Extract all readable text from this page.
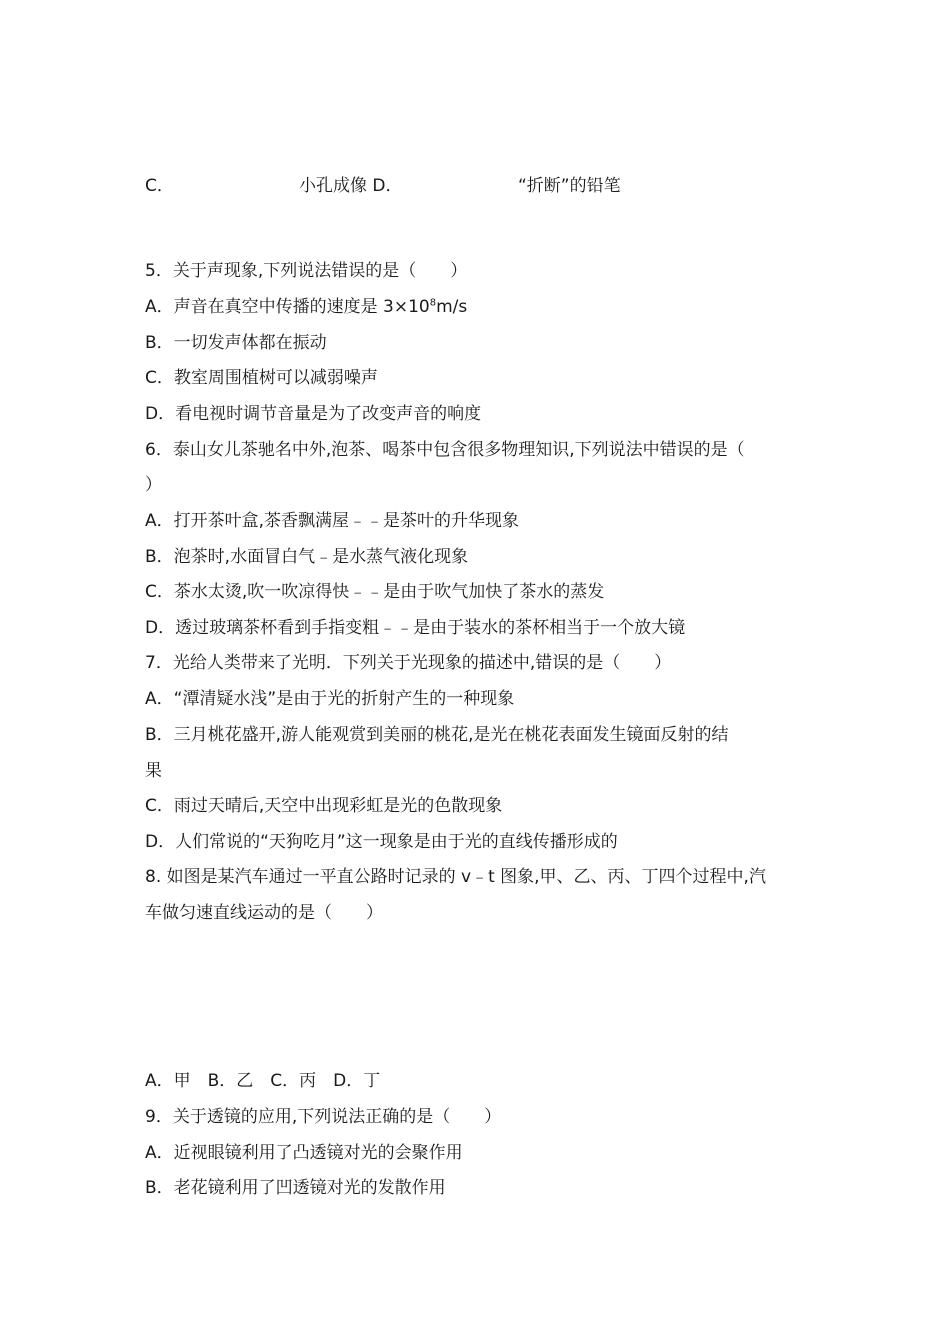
C．	小孔成像 D．	“折断”的铅笔
5．关于声现象,下列说法错误的是（　　）
A．声音在真空中传播的速度是 $3\times 10^8m/s$
B．一切发声体都在振动
C．教室周围植树可以减弱噪声
D．看电视时调节音量是为了改变声音的响度
6．泰山女儿茶驰名中外,泡茶、喝茶中包含很多物理知识,下列说法中错误的是（
）
A．打开茶叶盒,茶香飘满屋﹣﹣是茶叶的升华现象
B．泡茶时,水面冒白气﹣是水蒸气液化现象
C．茶水太烫,吹一吹凉得快﹣﹣是由于吹气加快了茶水的蒸发
D．透过玻璃茶杯看到手指变粗﹣﹣是由于装水的茶杯相当于一个放大镜
7．光给人类带来了光明．下列关于光现象的描述中,错误的是（　　）
A．“潭清疑水浅”是由于光的折射产生的一种现象
B．三月桃花盛开,游人能观赏到美丽的桃花,是光在桃花表面发生镜面反射的结
果
C．雨过天晴后,天空中出现彩虹是光的色散现象
D．人们常说的“天狗吃月”这一现象是由于光的直线传播形成的
8. 如图是某汽车通过一平直公路时记录的 v﹣t 图象,甲、乙、丙、丁四个过程中,汽
车做匀速直线运动的是（　　）
A．甲　B．乙　C．丙　D．丁
9．关于透镜的应用,下列说法正确的是（　　）
A．近视眼镜利用了凸透镜对光的会聚作用
B．老花镜利用了凹透镜对光的发散作用
